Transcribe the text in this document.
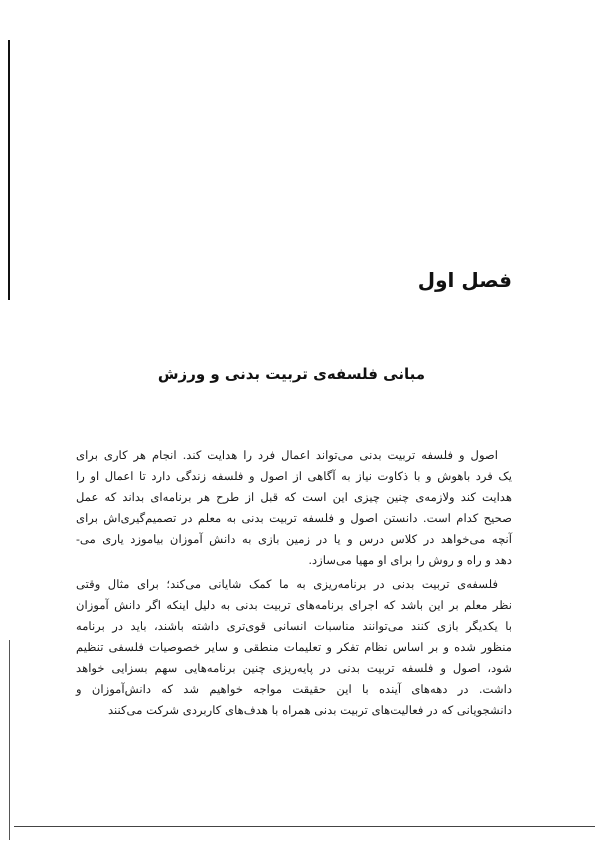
فصل اول
مبانی فلسفه‌ی تربیت بدنی و ورزش

اصول و فلسفه تربیت بدنی می‌تواند اعمال فرد را هدایت کند. انجام هر کاری برای
یک فرد باهوش و با ذکاوت نیاز به آگاهی از اصول و فلسفه زندگی دارد تا اعمال او را
هدایت کند ولازمه‌ی چنین چیزی این است که قبل از طرح هر برنامه‌ای بداند که عمل
صحیح کدام است. دانستن اصول و فلسفه تربیت بدنی به معلم در تصمیم‌گیری‌اش برای
آنچه می‌خواهد در کلاس درس و یا در زمین بازی به دانش آموزان بیاموزد یاری می-
دهد و راه و روش را برای او مهیا می‌سازد.

فلسفه‌ی تربیت بدنی در برنامه‌ریزی به ما کمک شایانی می‌کند؛ برای مثال وقتی
نظر معلم بر این باشد که اجرای برنامه‌های تربیت بدنی به دلیل اینکه اگر دانش آموزان
با یکدیگر بازی کنند می‌توانند مناسبات انسانی قوی‌تری داشته باشند، باید در برنامه
منظور شده و بر اساس نظام تفکر و تعلیمات منطقی و سایر خصوصیات فلسفی تنظیم
شود، اصول و فلسفه تربیت بدنی در پایه‌ریزی چنین برنامه‌هایی سهم بسزایی خواهد
داشت. در دهه‌های آینده با این حقیقت مواجه خواهیم شد که دانش‌آموزان و
دانشجویانی که در فعالیت‌های تربیت بدنی همراه با هدف‌های کاربردی شرکت می‌کنند
